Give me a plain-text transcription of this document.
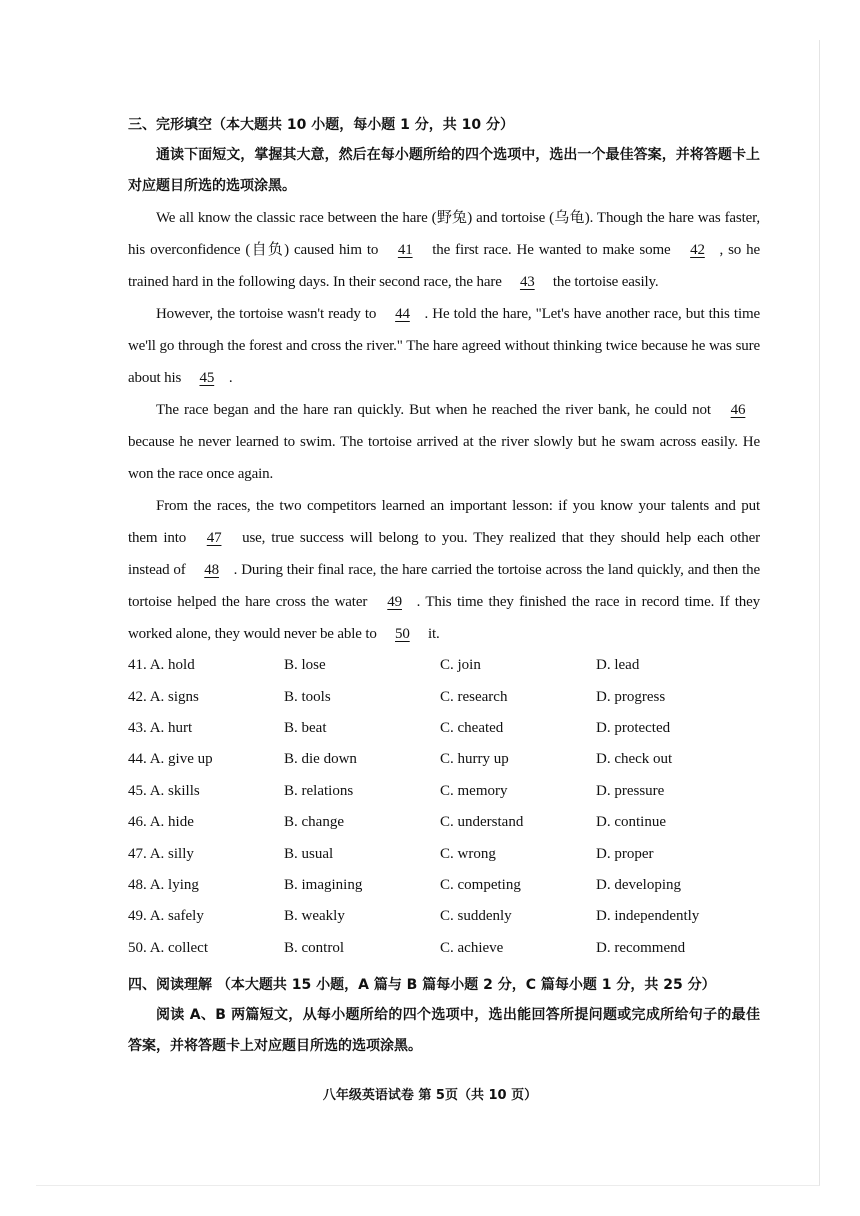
三、完形填空（本大题共 10 小题，每小题 1 分，共 10 分）

通读下面短文，掌握其大意，然后在每小题所给的四个选项中，选出一个最佳答案，并将答题卡上对应题目所选的选项涂黑。

We all know the classic race between the hare (野兔) and tortoise (乌龟). Though the hare was faster, his overconfidence (自负) caused him to 41 the first race. He wanted to make some 42 , so he trained hard in the following days. In their second race, the hare 43 the tortoise easily.

However, the tortoise wasn't ready to 44 . He told the hare, "Let's have another race, but this time we'll go through the forest and cross the river." The hare agreed without thinking twice because he was sure about his 45 .

The race began and the hare ran quickly. But when he reached the river bank, he could not 46 because he never learned to swim. The tortoise arrived at the river slowly but he swam across easily. He won the race once again.

From the races, the two competitors learned an important lesson: if you know your talents and put them into 47 use, true success will belong to you. They realized that they should help each other instead of 48 . During their final race, the hare carried the tortoise across the land quickly, and then the tortoise helped the hare cross the water 49 . This time they finished the race in record time. If they worked alone, they would never be able to 50 it.

41. A. hold	B. lose	C. join	D. lead
42. A. signs	B. tools	C. research	D. progress
43. A. hurt	B. beat	C. cheated	D. protected
44. A. give up	B. die down	C. hurry up	D. check out
45. A. skills	B. relations	C. memory	D. pressure
46. A. hide	B. change	C. understand	D. continue
47. A. silly	B. usual	C. wrong	D. proper
48. A. lying	B. imagining	C. competing	D. developing
49. A. safely	B. weakly	C. suddenly	D. independently
50. A. collect	B. control	C. achieve	D. recommend

四、阅读理解 （本大题共 15 小题，A 篇与 B 篇每小题 2 分，C 篇每小题 1 分，共 25 分）

阅读 A、B 两篇短文，从每小题所给的四个选项中，选出能回答所提问题或完成所给句子的最佳答案，并将答题卡上对应题目所选的选项涂黑。

八年级英语试卷 第 5页（共 10 页）
